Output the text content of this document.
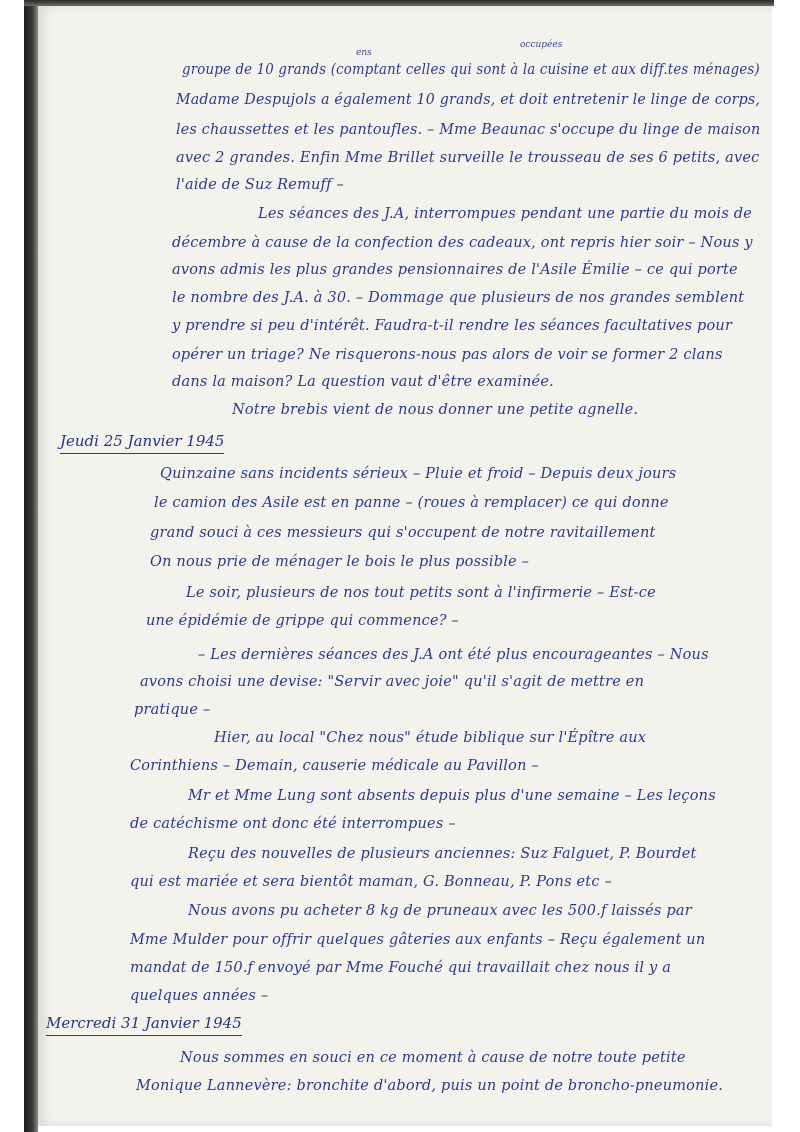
ens
occupées
groupe de 10 grands (comptant celles qui sont à la cuisine et aux diff.tes ménages)
Madame Despujols a également 10 grands, et doit entretenir le linge de corps,
les chaussettes et les pantoufles. – Mme Beaunac s'occupe du linge de maison
avec 2 grandes. Enfin Mme Brillet surveille le trousseau de ses 6 petits, avec
l'aide de Suz Remuff –
Les séances des J.A, interrompues pendant une partie du mois de
décembre à cause de la confection des cadeaux, ont repris hier soir – Nous y
avons admis les plus grandes pensionnaires de l'Asile Émilie – ce qui porte
le nombre des J.A. à 30. – Dommage que plusieurs de nos grandes semblent
y prendre si peu d'intérêt. Faudra-t-il rendre les séances facultatives pour
opérer un triage? Ne risquerons-nous pas alors de voir se former 2 clans
dans la maison? La question vaut d'être examinée.
Notre brebis vient de nous donner une petite agnelle.
Jeudi 25 Janvier 1945
Quinzaine sans incidents sérieux – Pluie et froid – Depuis deux jours
le camion des Asile est en panne – (roues à remplacer) ce qui donne
grand souci à ces messieurs qui s'occupent de notre ravitaillement
On nous prie de ménager le bois le plus possible –
Le soir, plusieurs de nos tout petits sont à l'infirmerie – Est-ce
une épidémie de grippe qui commence? –
– Les dernières séances des J.A ont été plus encourageantes – Nous
avons choisi une devise: "Servir avec joie" qu'il s'agit de mettre en
pratique –
Hier, au local "Chez nous" étude biblique sur l'Épître aux
Corinthiens – Demain, causerie médicale au Pavillon –
Mr et Mme Lung sont absents depuis plus d'une semaine – Les leçons
de catéchisme ont donc été interrompues –
Reçu des nouvelles de plusieurs anciennes: Suz Falguet, P. Bourdet
qui est mariée et sera bientôt maman, G. Bonneau, P. Pons etc –
Nous avons pu acheter 8 kg de pruneaux avec les 500.f laissés par
Mme Mulder pour offrir quelques gâteries aux enfants – Reçu également un
mandat de 150.f envoyé par Mme Fouché qui travaillait chez nous il y a
quelques années –
Mercredi 31 Janvier 1945
Nous sommes en souci en ce moment à cause de notre toute petite
Monique Lannevère: bronchite d'abord, puis un point de broncho-pneumonie.
